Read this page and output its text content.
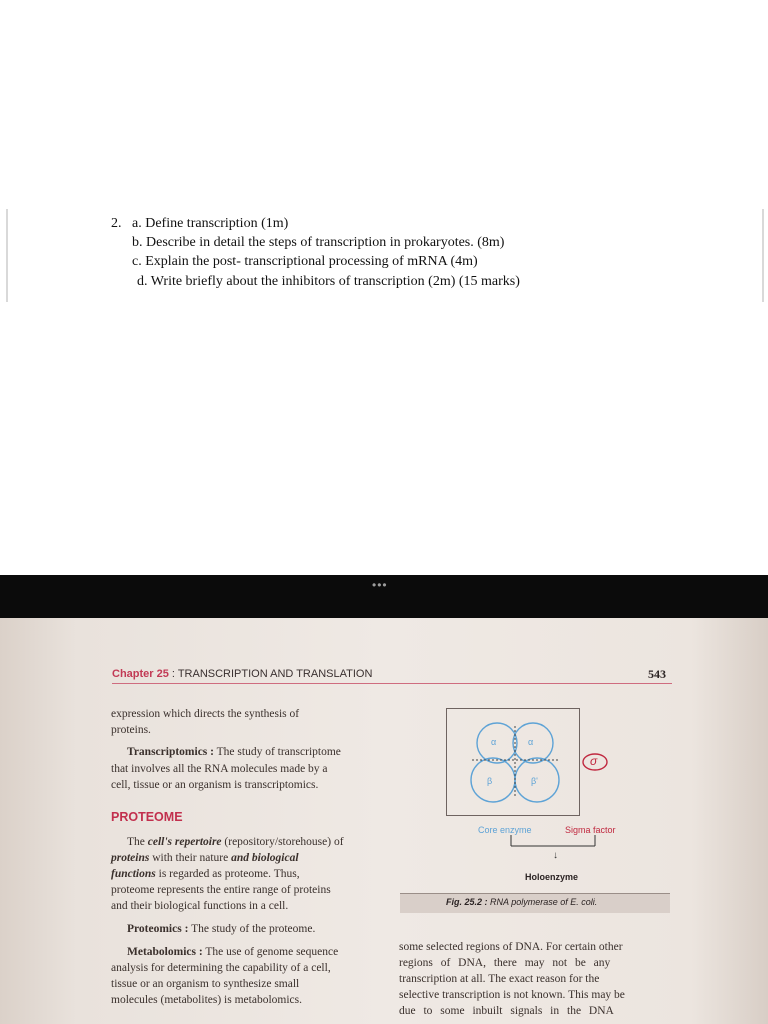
2. a. Define transcription (1m)
b. Describe in detail the steps of transcription in prokaryotes. (8m)
c. Explain the post- transcriptional processing of mRNA (4m)
d. Write briefly about the inhibitors of transcription (2m) (15 marks)
•••
Chapter 25 : TRANSCRIPTION AND TRANSLATION	543
expression which directs the synthesis of
proteins.
Transcriptomics : The study of transcriptome
that involves all the RNA molecules made by a
cell, tissue or an organism is transcriptomics.
PROTEOME
The cell's repertoire (repository/storehouse) of
proteins with their nature and biological
functions is regarded as proteome. Thus,
proteome represents the entire range of proteins
and their biological functions in a cell.
Proteomics : The study of the proteome.
Metabolomics : The use of genome sequence
analysis for determining the capability of a cell,
tissue or an organism to synthesize small
molecules (metabolites) is metabolomics.
α	α
β	β'
σ
Core enzyme	Sigma factor
↓
Holoenzyme
Fig. 25.2 : RNA polymerase of E. coli.
some selected regions of DNA. For certain other
regions of DNA, there may not be any
transcription at all. The exact reason for the
selective transcription is not known. This may be
due to some inbuilt signals in the DNA
